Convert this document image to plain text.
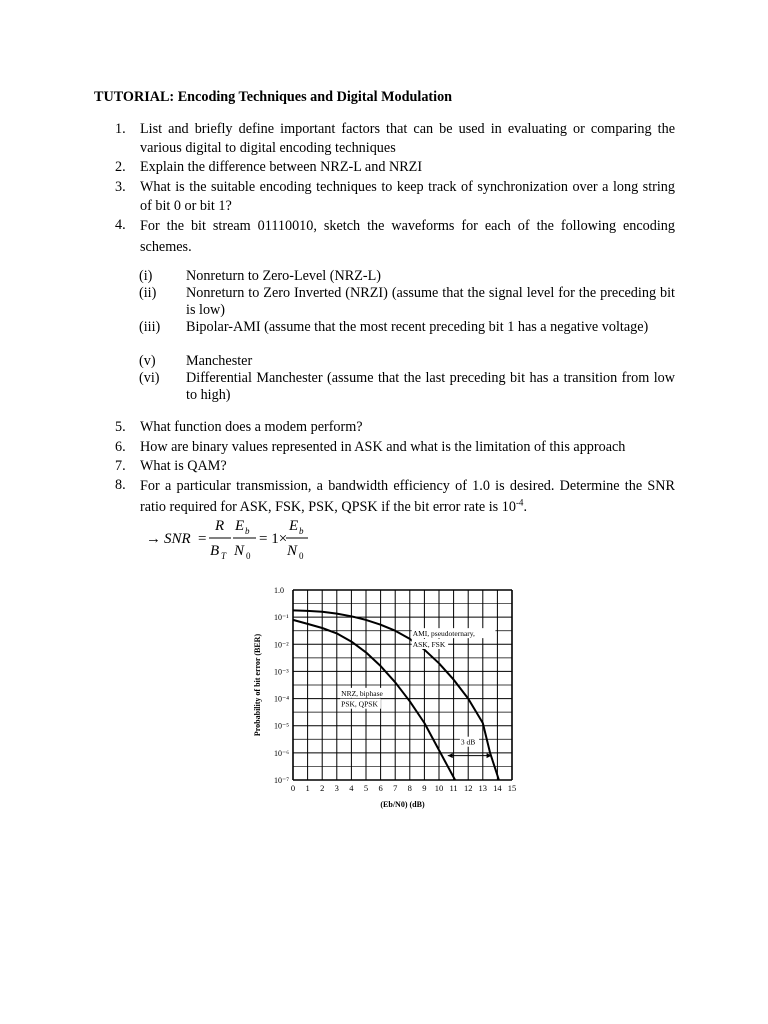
TUTORIAL: Encoding Techniques and Digital Modulation
1. List and briefly define important factors that can be used in evaluating or comparing the various digital to digital encoding techniques
2. Explain the difference between NRZ-L and NRZI
3. What is the suitable encoding techniques to keep track of synchronization over a long string of bit 0 or bit 1?
4. For the bit stream 01110010, sketch the waveforms for each of the following encoding schemes.
(i) Nonreturn to Zero-Level (NRZ-L)
(ii) Nonreturn to Zero Inverted (NRZI) (assume that the signal level for the preceding bit is low)
(iii) Bipolar-AMI (assume that the most recent preceding bit 1 has a negative voltage)
(v) Manchester
(vi) Differential Manchester (assume that the last preceding bit has a transition from low to high)
5. What function does a modem perform?
6. How are binary values represented in ASK and what is the limitation of this approach
7. What is QAM?
8. For a particular transmission, a bandwidth efficiency of 1.0 is desired. Determine the SNR ratio required for ASK, FSK, PSK, QPSK if the bit error rate is $10^{-4}$.
→ SNR =
R
B T
E b
N 0
= 1×
E b
N 0
1.0
10⁻¹
10⁻²
10⁻³
10⁻⁴
10⁻⁵
10⁻⁶
10⁻⁷
0 1 2 3 4 5 6 7 8 9 10 11 12 13 14 15
(Eb/N0) (dB)
Probability of bit error (BER)
AMI, pseudoternary,
ASK, FSK
NRZ, biphase
PSK, QPSK
3 dB
